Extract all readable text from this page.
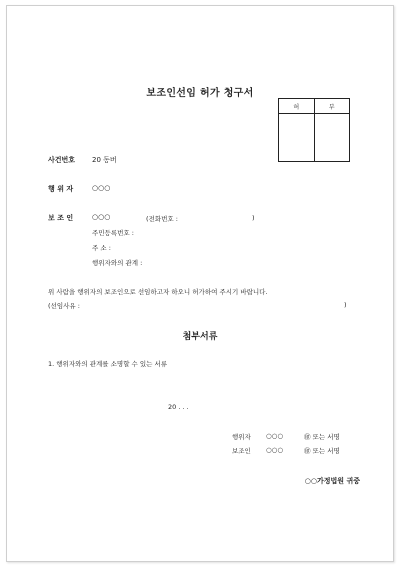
보조인선임 허가 청구서
허	부

사건번호 20 동버
행 위 자	○○○
보 조 인	○○○	(전화번호 :	)
주민등록번호 :
주 소 :
행위자와의 관계 :
위 사람을 행위자의 보조인으로 선임하고자 하오니 허가하여 주시기 바랍니다.
(선임사유 :	)
첨부서류
1. 행위자와의 관계를 소명할 수 있는 서류
20 . . .
행위자 ○○○	㊞ 또는 서명
보조인 ○○○	㊞ 또는 서명
○○가정법원 귀중
